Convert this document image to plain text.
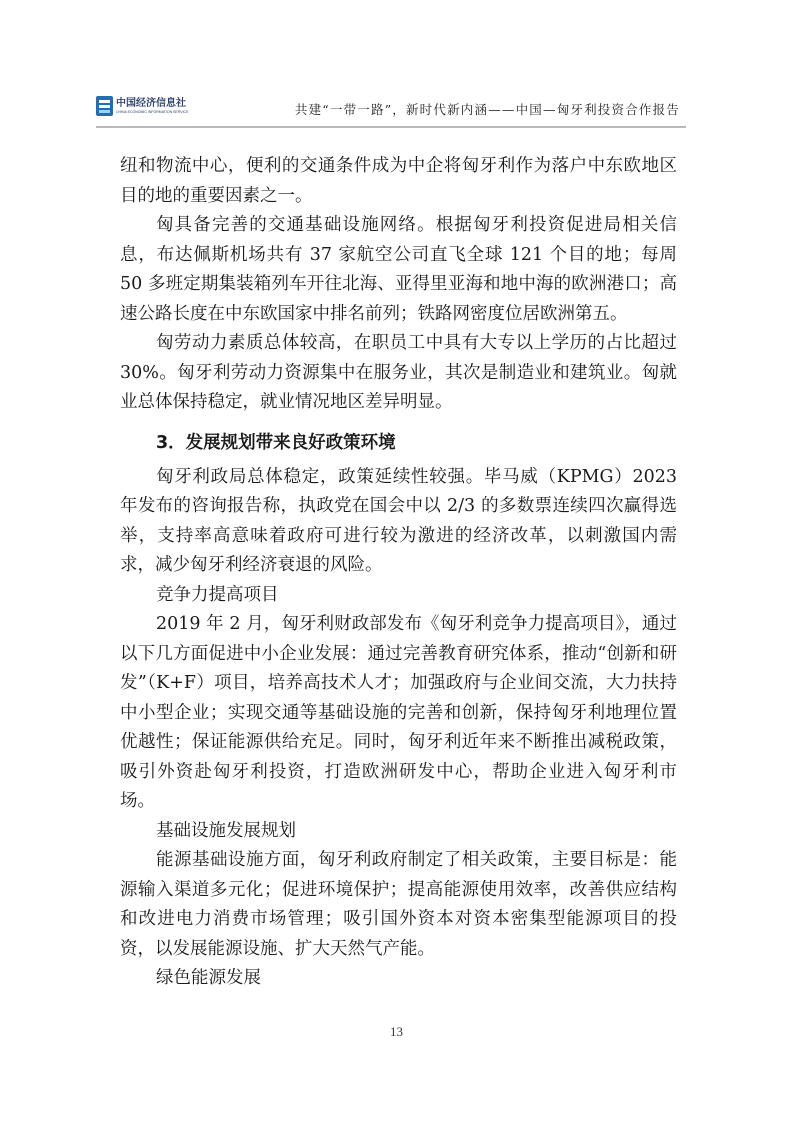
中国经济信息社
CHINA ECONOMIC INFORMATION SERVICE	共建“一带一路”，新时代新内涵——中国—匈牙利投资合作报告

纽和物流中心，便利的交通条件成为中企将匈牙利作为落户中东欧地区目的地的重要因素之一。

匈具备完善的交通基础设施网络。根据匈牙利投资促进局相关信息，布达佩斯机场共有 37 家航空公司直飞全球 121 个目的地；每周 50 多班定期集装箱列车开往北海、亚得里亚海和地中海的欧洲港口；高速公路长度在中东欧国家中排名前列；铁路网密度位居欧洲第五。

匈劳动力素质总体较高，在职员工中具有大专以上学历的占比超过 30%。匈牙利劳动力资源集中在服务业，其次是制造业和建筑业。匈就业总体保持稳定，就业情况地区差异明显。

3．发展规划带来良好政策环境

匈牙利政局总体稳定，政策延续性较强。毕马威（KPMG）2023 年发布的咨询报告称，执政党在国会中以 2/3 的多数票连续四次赢得选举，支持率高意味着政府可进行较为激进的经济改革，以刺激国内需求，减少匈牙利经济衰退的风险。

竞争力提高项目

2019 年 2 月，匈牙利财政部发布《匈牙利竞争力提高项目》，通过以下几方面促进中小企业发展：通过完善教育研究体系，推动“创新和研发”（K+F）项目，培养高技术人才；加强政府与企业间交流，大力扶持中小型企业；实现交通等基础设施的完善和创新，保持匈牙利地理位置优越性；保证能源供给充足。同时，匈牙利近年来不断推出减税政策，吸引外资赴匈牙利投资，打造欧洲研发中心，帮助企业进入匈牙利市场。

基础设施发展规划

能源基础设施方面，匈牙利政府制定了相关政策，主要目标是：能源输入渠道多元化；促进环境保护；提高能源使用效率，改善供应结构和改进电力消费市场管理；吸引国外资本对资本密集型能源项目的投资，以发展能源设施、扩大天然气产能。

绿色能源发展

13
